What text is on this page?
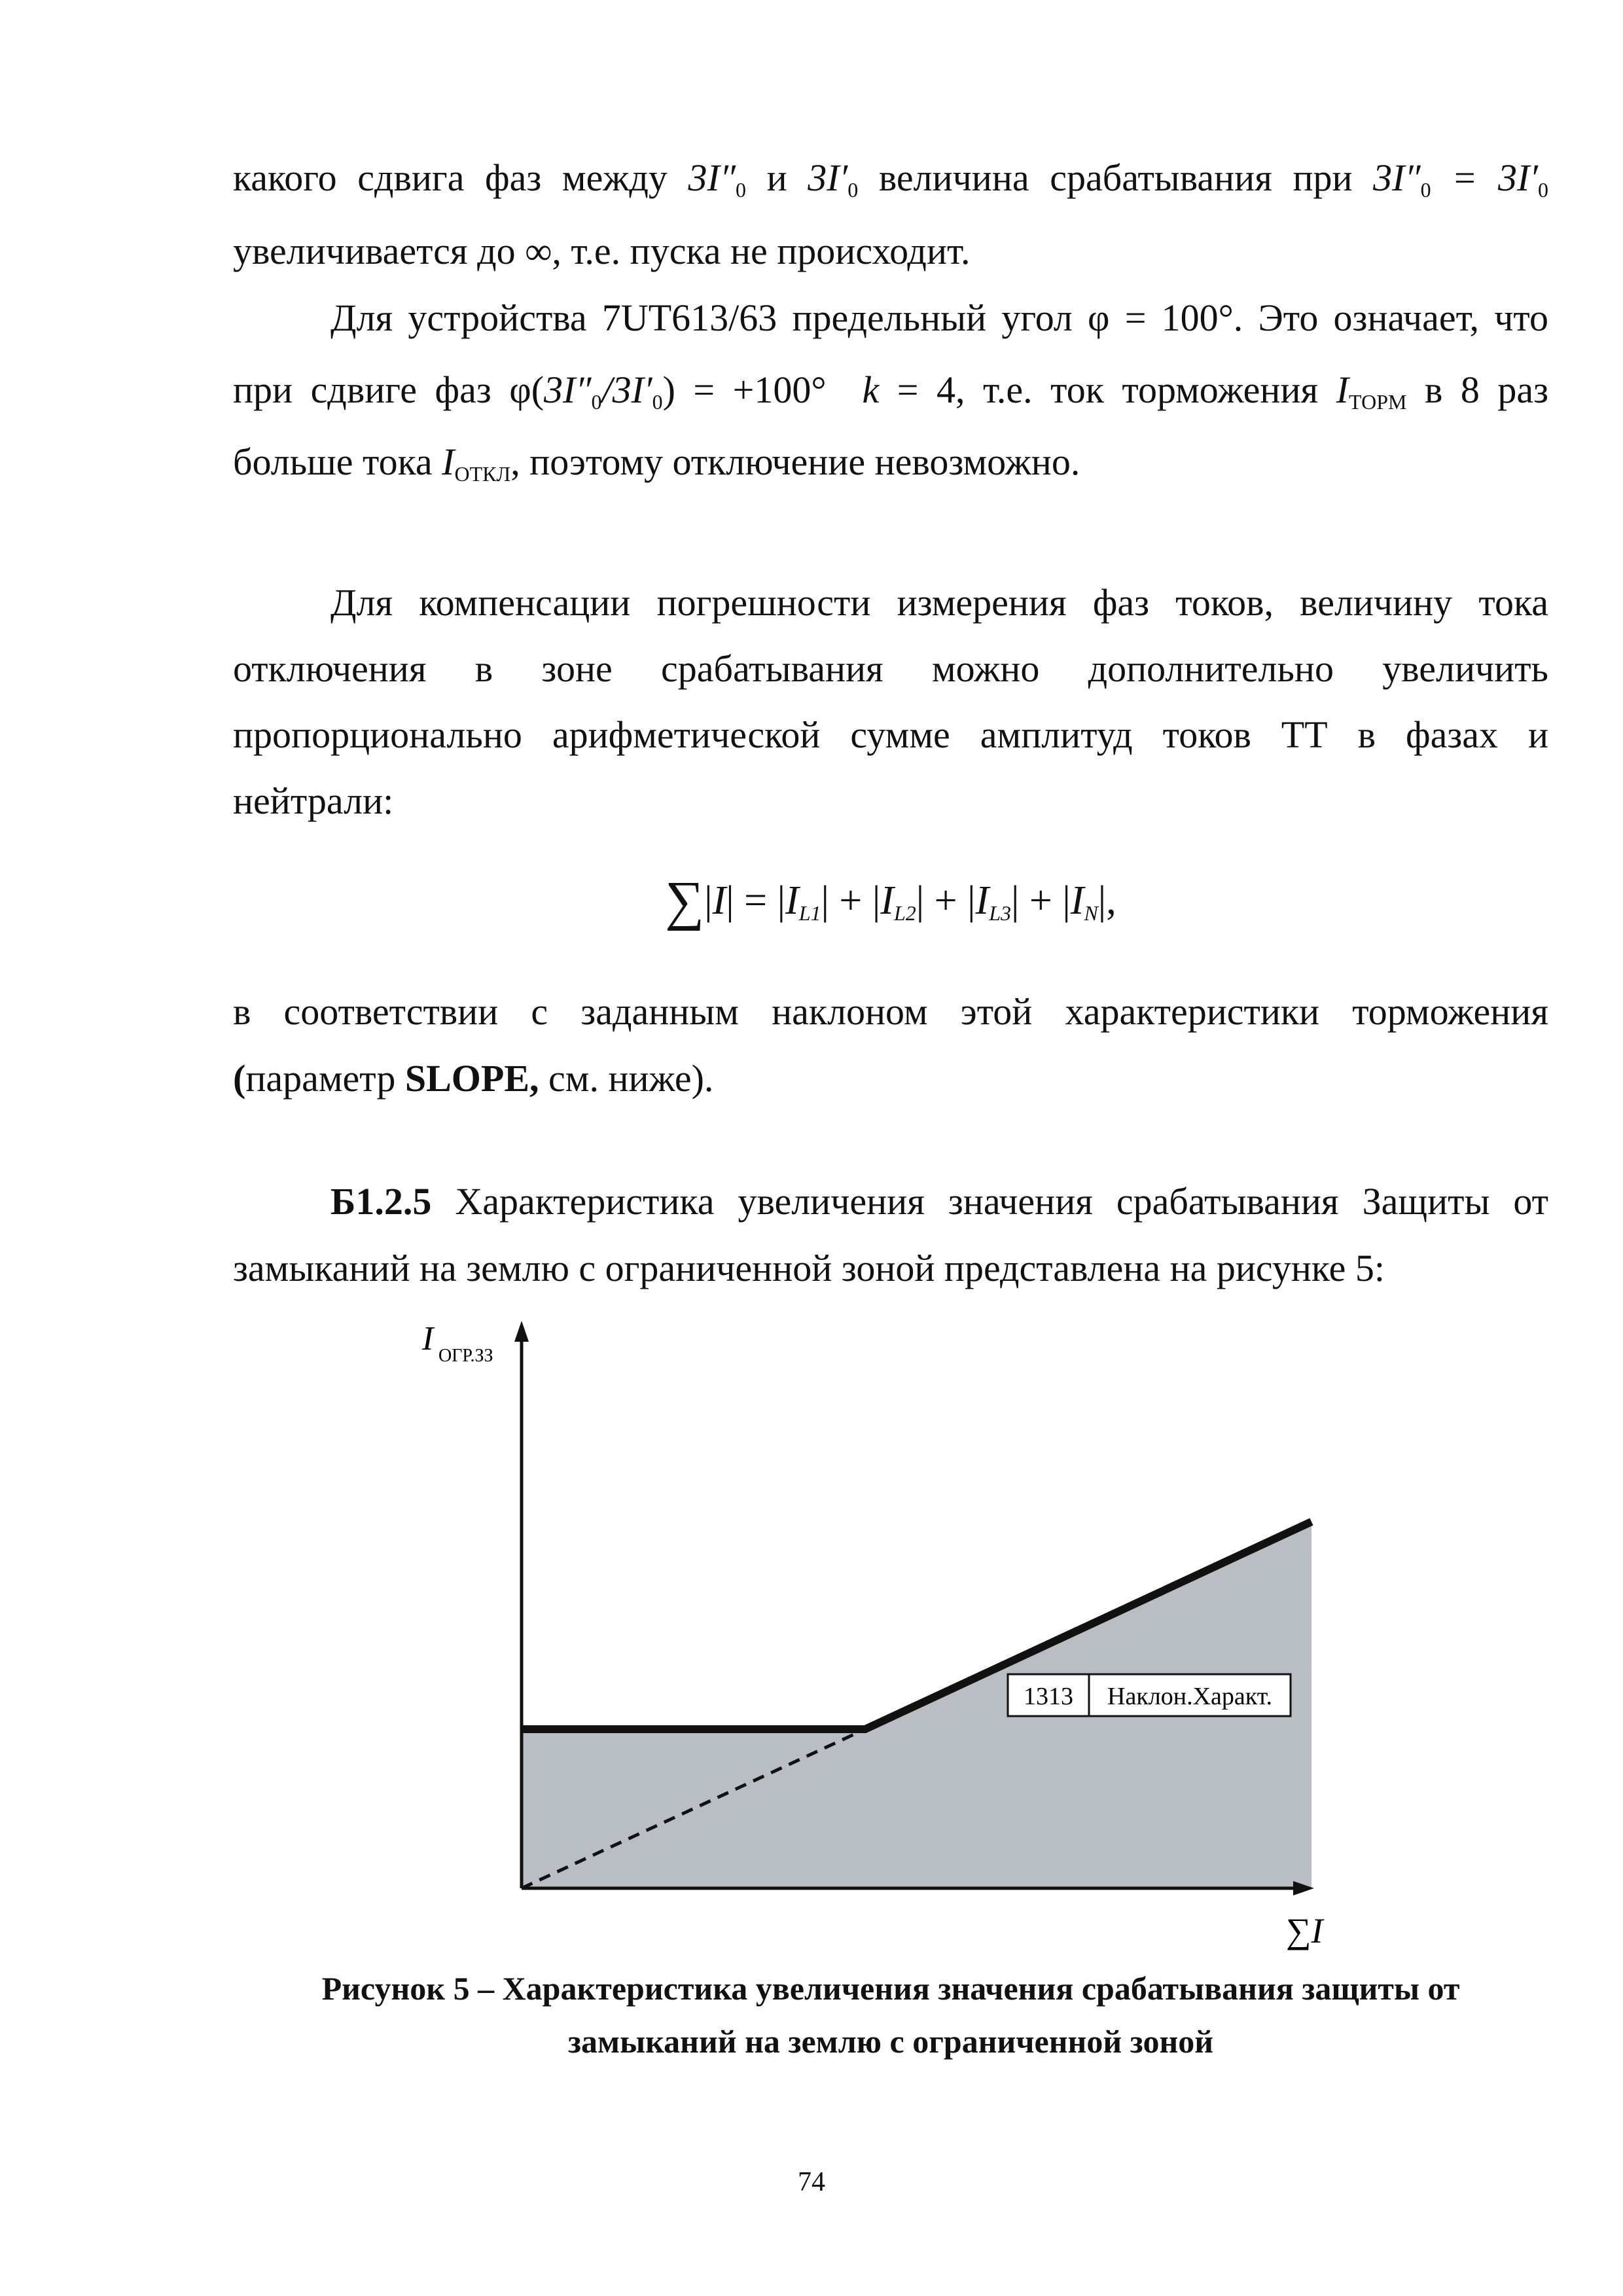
какого сдвига фаз между $3I''_0$ и $3I'_0$ величина срабатывания при $3I''_0 = 3I'_0$
увеличивается до ∞, т.е. пуска не происходит.
Для устройства 7UT613/63 предельный угол φ = 100°. Это означает, что
при сдвиге фаз $\varphi(3I''_0/3I'_0) = +100^\circ$  k = 4, т.е. ток торможения $I_{ТОРМ}$ в 8 раз
больше тока $I_{ОТКЛ}$, поэтому отключение невозможно.
Для компенсации погрешности измерения фаз токов, величину тока
отключения в зоне срабатывания можно дополнительно увеличить
пропорционально арифметической сумме амплитуд токов ТТ в фазах и
нейтрали:
$\sum|I| = |I_{L1}| + |I_{L2}| + |I_{L3}| + |I_N|$,
в соответствии с заданным наклоном этой характеристики торможения
(параметр SLOPE, см. ниже).
Б1.2.5 Характеристика увеличения значения срабатывания Защиты от
замыканий на землю с ограниченной зоной представлена на рисунке 5:
I ОГР.ЗЗ
∑I
1313 Наклон.Характ.
Рисунок 5 – Характеристика увеличения значения срабатывания защиты от
замыканий на землю с ограниченной зоной
74
